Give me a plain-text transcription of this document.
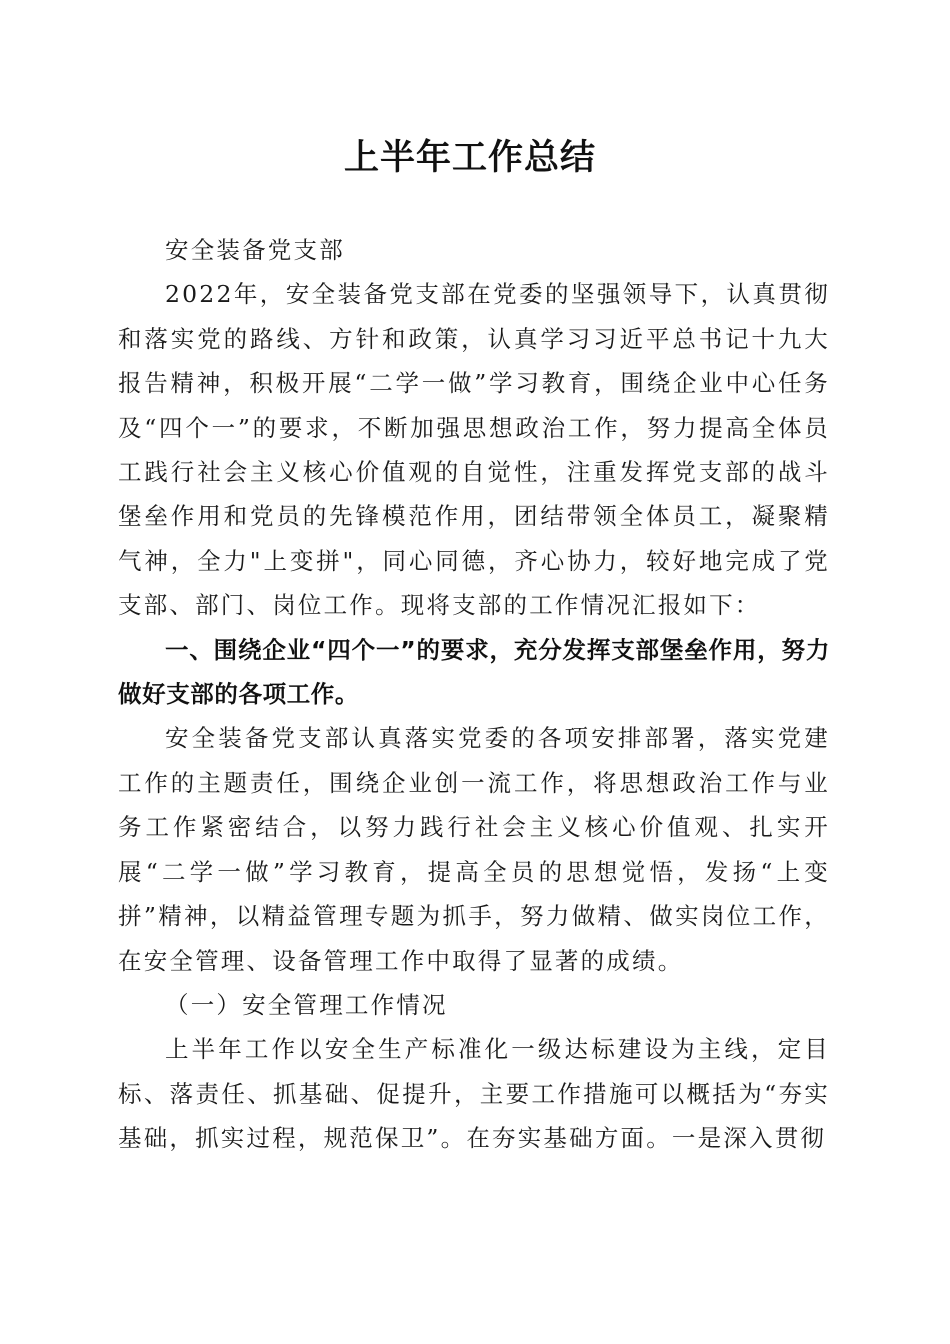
上半年工作总结

安全装备党支部

2022年，安全装备党支部在党委的坚强领导下，认真贯彻和落实党的路线、方针和政策，认真学习习近平总书记十九大报告精神，积极开展“二学一做”学习教育，围绕企业中心任务及“四个一”的要求，不断加强思想政治工作，努力提高全体员工践行社会主义核心价值观的自觉性，注重发挥党支部的战斗堡垒作用和党员的先锋模范作用，团结带领全体员工，凝聚精气神，全力"上变拼"，同心同德，齐心协力，较好地完成了党支部、部门、岗位工作。现将支部的工作情况汇报如下：

一、围绕企业“四个一”的要求，充分发挥支部堡垒作用，努力做好支部的各项工作。

安全装备党支部认真落实党委的各项安排部署，落实党建工作的主题责任，围绕企业创一流工作，将思想政治工作与业务工作紧密结合，以努力践行社会主义核心价值观、扎实开展“二学一做”学习教育，提高全员的思想觉悟，发扬“上变拼”精神，以精益管理专题为抓手，努力做精、做实岗位工作，在安全管理、设备管理工作中取得了显著的成绩。

（一）安全管理工作情况

上半年工作以安全生产标准化一级达标建设为主线，定目标、落责任、抓基础、促提升，主要工作措施可以概括为“夯实基础，抓实过程，规范保卫”。在夯实基础方面。一是深入贯彻
